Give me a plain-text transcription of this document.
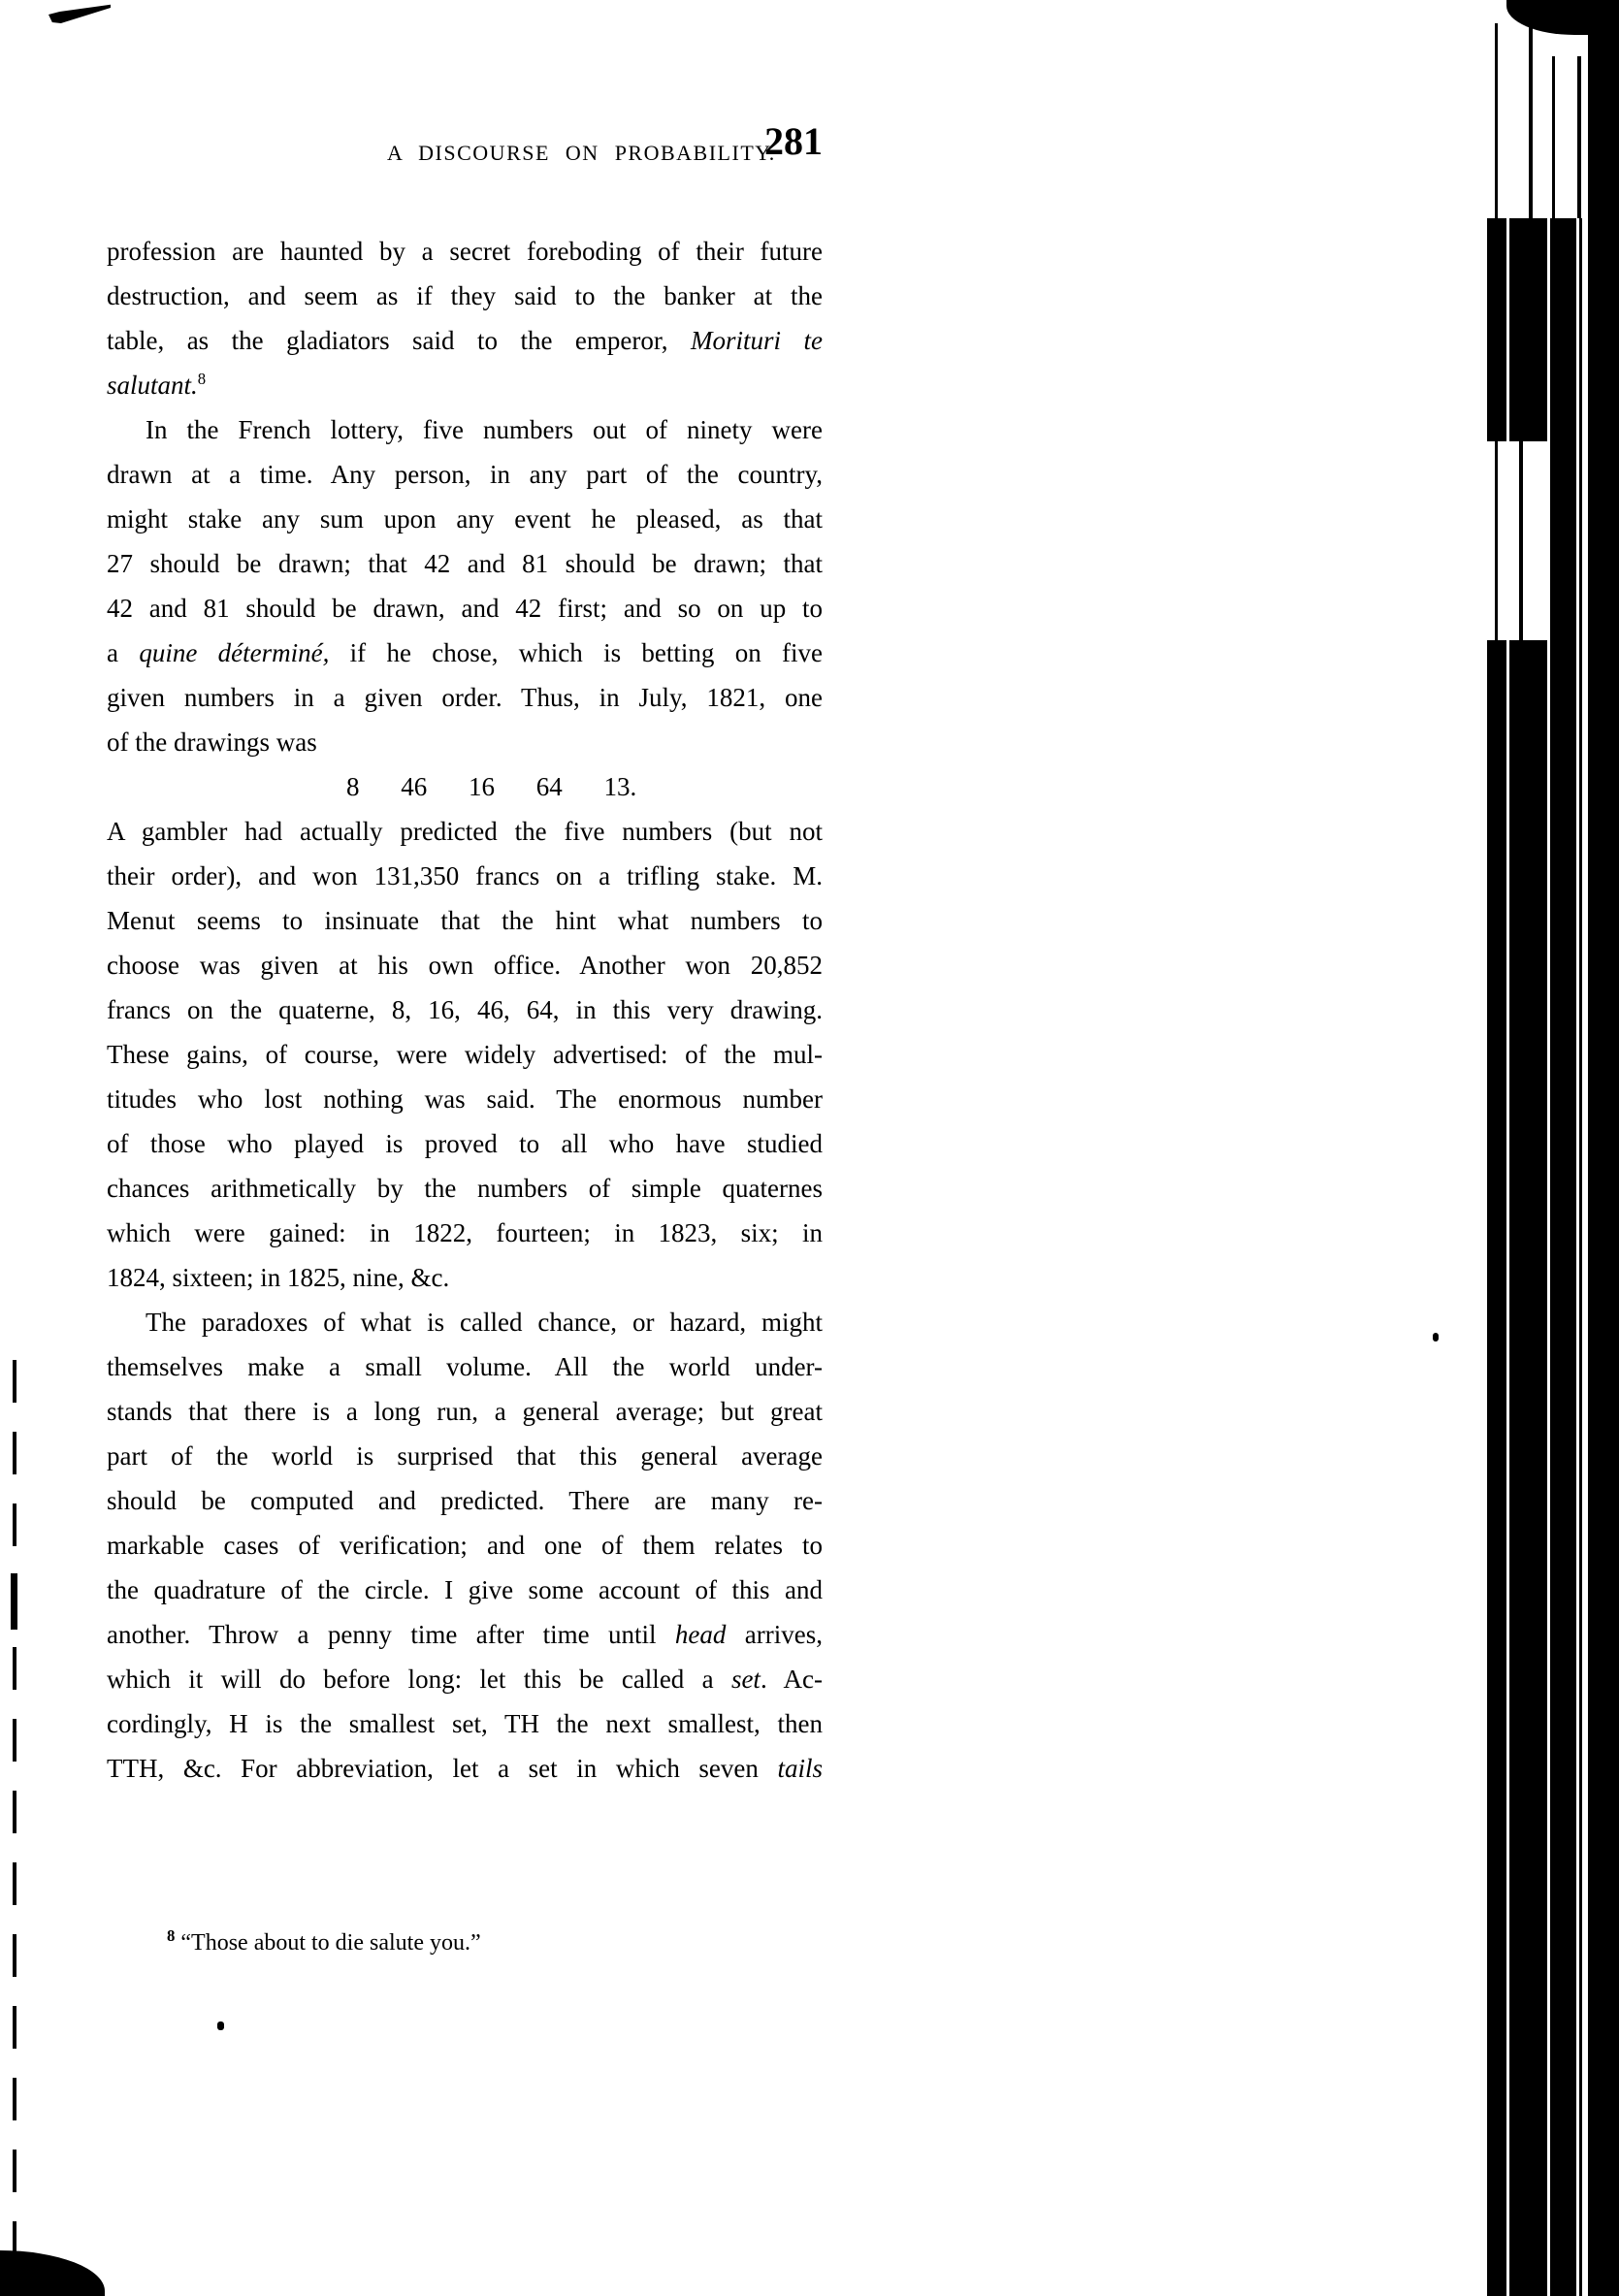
A DISCOURSE ON PROBABILITY.
281
profession are haunted by a secret foreboding of their future
destruction, and seem as if they said to the banker at the
table, as the gladiators said to the emperor, Morituri te
salutant.$^8$
In the French lottery, five numbers out of ninety were
drawn at a time. Any person, in any part of the country,
might stake any sum upon any event he pleased, as that
27 should be drawn; that 42 and 81 should be drawn; that
42 and 81 should be drawn, and 42 first; and so on up to
a quine déterminé, if he chose, which is betting on five
given numbers in a given order. Thus, in July, 1821, one
of the drawings was
8 46 16 64 13.
A gambler had actually predicted the five numbers (but not
their order), and won 131,350 francs on a trifling stake. M.
Menut seems to insinuate that the hint what numbers to
choose was given at his own office. Another won 20,852
francs on the quaterne, 8, 16, 46, 64, in this very drawing.
These gains, of course, were widely advertised: of the mul-
titudes who lost nothing was said. The enormous number
of those who played is proved to all who have studied
chances arithmetically by the numbers of simple quaternes
which were gained: in 1822, fourteen; in 1823, six; in
1824, sixteen; in 1825, nine, &c.
The paradoxes of what is called chance, or hazard, might
themselves make a small volume. All the world under-
stands that there is a long run, a general average; but great
part of the world is surprised that this general average
should be computed and predicted. There are many re-
markable cases of verification; and one of them relates to
the quadrature of the circle. I give some account of this and
another. Throw a penny time after time until head arrives,
which it will do before long: let this be called a set. Ac-
cordingly, H is the smallest set, TH the next smallest, then
TTH, &c. For abbreviation, let a set in which seven tails
$^8$ “Those about to die salute you.”
